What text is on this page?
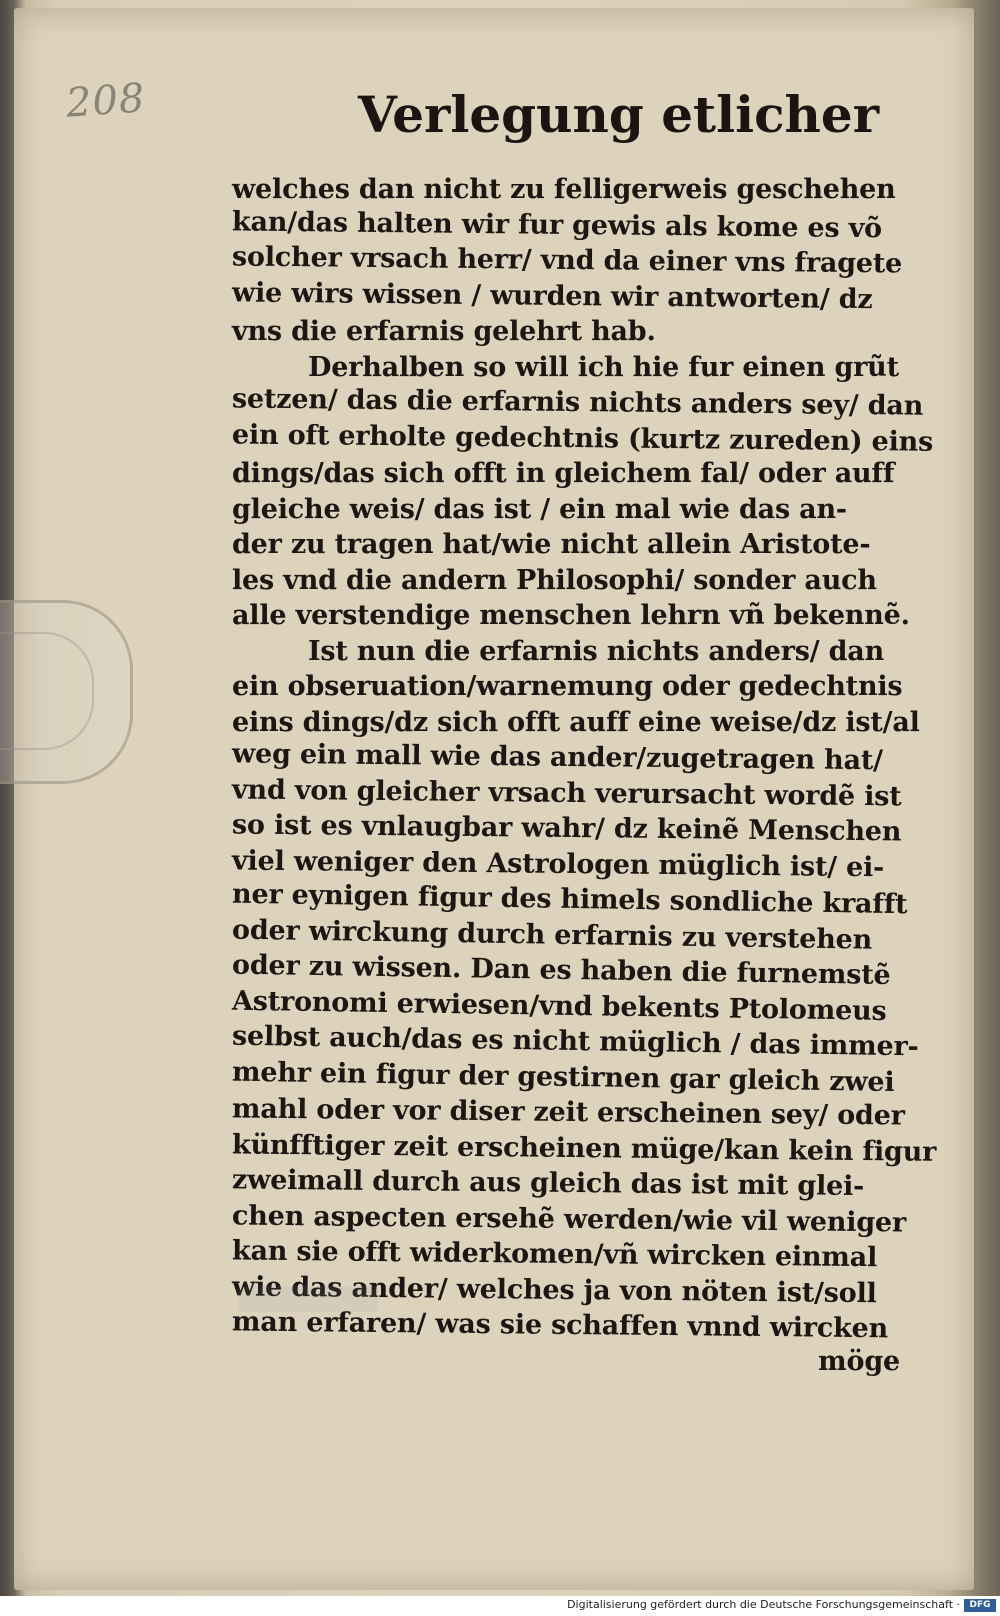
208	Verlegung etlicher
welches dan nicht zu felligerweis geschehen
kan/das halten wir fur gewis als kome es võ
solcher vrsach herr/ vnd da einer vns fragete
wie wirs wissen / wurden wir antworten/ dz
vns die erfarnis gelehrt hab.
Derhalben so will ich hie fur einen grũt
setzen/ das die erfarnis nichts anders sey/ dan
ein oft erholte gedechtnis (kurtz zureden) eins
dings/das sich offt in gleichem fal/ oder auff
gleiche weis/ das ist / ein mal wie das an-
der zu tragen hat/wie nicht allein Aristote-
les vnd die andern Philosophi/ sonder auch
alle verstendige menschen lehrn vñ bekennẽ.
Ist nun die erfarnis nichts anders/ dan
ein obseruation/warnemung oder gedechtnis
eins dings/dz sich offt auff eine weise/dz ist/al
weg ein mall wie das ander/zugetragen hat/
vnd von gleicher vrsach verursacht wordẽ ist
so ist es vnlaugbar wahr/ dz keinẽ Menschen
viel weniger den Astrologen müglich ist/ ei-
ner eynigen figur des himels sondliche krafft
oder wirckung durch erfarnis zu verstehen
oder zu wissen. Dan es haben die furnemstẽ
Astronomi erwiesen/vnd bekents Ptolomeus
selbst auch/das es nicht müglich / das immer-
mehr ein figur der gestirnen gar gleich zwei
mahl oder vor diser zeit erscheinen sey/ oder
künfftiger zeit erscheinen müge/kan kein figur
zweimall durch aus gleich das ist mit glei-
chen aspecten ersehẽ werden/wie vil weniger
kan sie offt widerkomen/vñ wircken einmal
wie das ander/ welches ja von nöten ist/soll
man erfaren/ was sie schaffen vnnd wircken
möge
Digitalisierung gefördert durch die Deutsche Forschungsgemeinschaft ·	DFG
